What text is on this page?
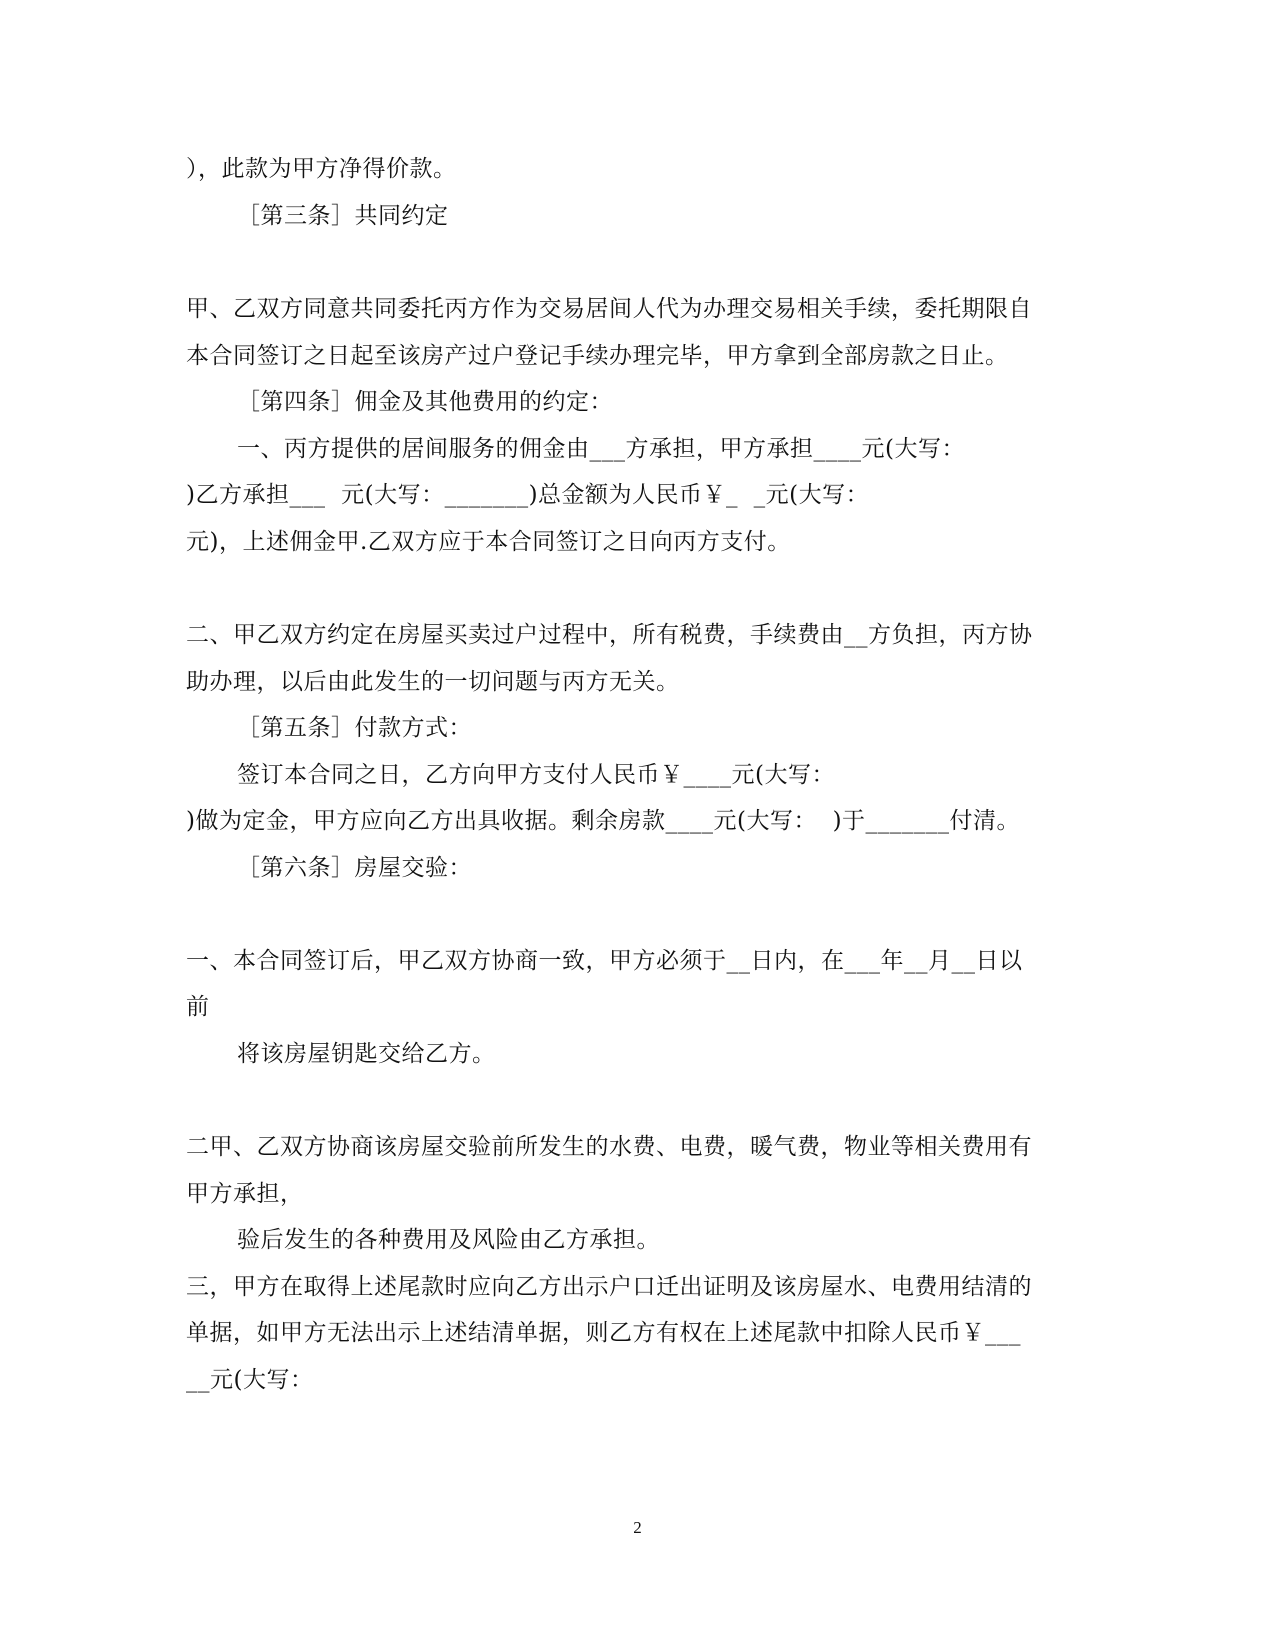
），此款为甲方净得价款。
［第三条］共同约定
甲、乙双方同意共同委托丙方作为交易居间人代为办理交易相关手续，委托期限自
本合同签订之日起至该房产过户登记手续办理完毕，甲方拿到全部房款之日止。
［第四条］佣金及其他费用的约定：
一、丙方提供的居间服务的佣金由___方承担，甲方承担____元(大写：
)乙方承担___  元(大写：_______)总金额为人民币￥_  _元(大写：
元)，上述佣金甲.乙双方应于本合同签订之日向丙方支付。
二、甲乙双方约定在房屋买卖过户过程中，所有税费，手续费由__方负担，丙方协
助办理，以后由此发生的一切问题与丙方无关。
［第五条］付款方式：
签订本合同之日，乙方向甲方支付人民币￥____元(大写：
)做为定金，甲方应向乙方出具收据。剩余房款____元(大写：  )于_______付清。
［第六条］房屋交验：
一、本合同签订后，甲乙双方协商一致，甲方必须于__日内，在___年__月__日以
前
将该房屋钥匙交给乙方。
二甲、乙双方协商该房屋交验前所发生的水费、电费，暖气费，物业等相关费用有
甲方承担，
验后发生的各种费用及风险由乙方承担。
三，甲方在取得上述尾款时应向乙方出示户口迁出证明及该房屋水、电费用结清的
单据，如甲方无法出示上述结清单据，则乙方有权在上述尾款中扣除人民币￥___
__元(大写：
2
